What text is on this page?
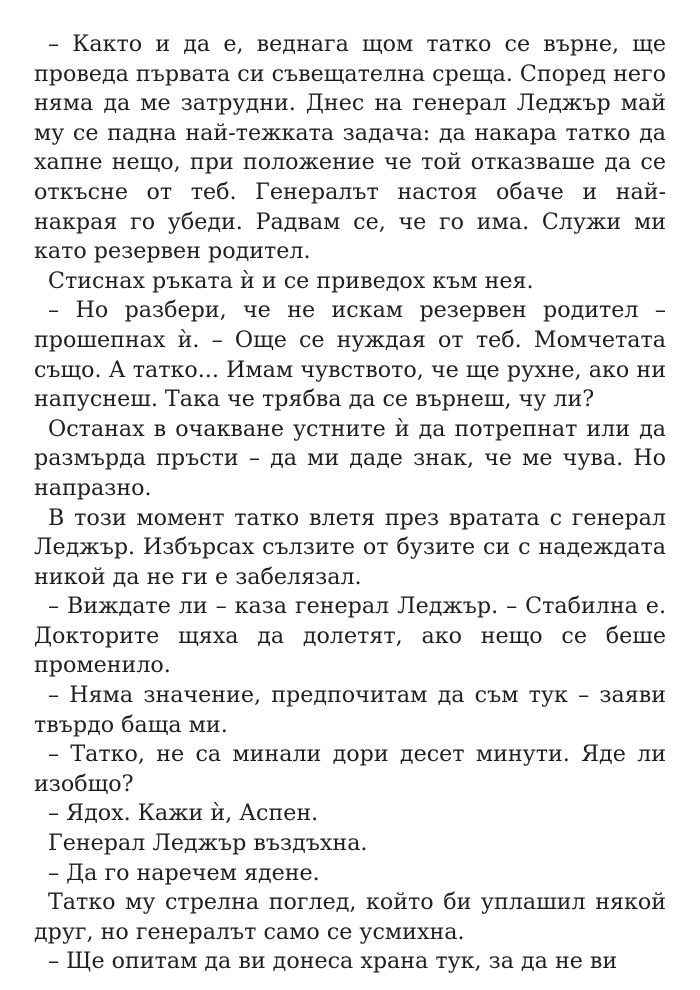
– Както и да е, веднага щом татко се върне, ще проведа първата си съвещателна среща. Според него няма да ме затрудни. Днес на генерал Леджър май му се падна най-тежката задача: да накара татко да хапне нещо, при положение че той отказваше да се откъсне от теб. Генералът настоя обаче и най-накрая го убеди. Радвам се, че го има. Служи ми като резервен родител.

Стиснах ръката ѝ и се приведох към нея.

– Но разбери, че не искам резервен родител – прошепнах ѝ. – Още се нуждая от теб. Момчетата също. А татко... Имам чувството, че ще рухне, ако ни напуснеш. Така че трябва да се върнеш, чу ли?

Останах в очакване устните ѝ да потрепнат или да размърда пръсти – да ми даде знак, че ме чува. Но напразно.

В този момент татко влетя през вратата с генерал Леджър. Избърсах сълзите от бузите си с надеждата никой да не ги е забелязал.

– Виждате ли – каза генерал Леджър. – Стабилна е. Докторите щяха да долетят, ако нещо се беше променило.

– Няма значение, предпочитам да съм тук – заяви твърдо баща ми.

– Татко, не са минали дори десет минути. Яде ли изобщо?

– Ядох. Кажи ѝ, Аспен.

Генерал Леджър въздъхна.

– Да го наречем ядене.

Татко му стрелна поглед, който би уплашил някой друг, но генералът само се усмихна.

– Ще опитам да ви донеса храна тук, за да не ви
